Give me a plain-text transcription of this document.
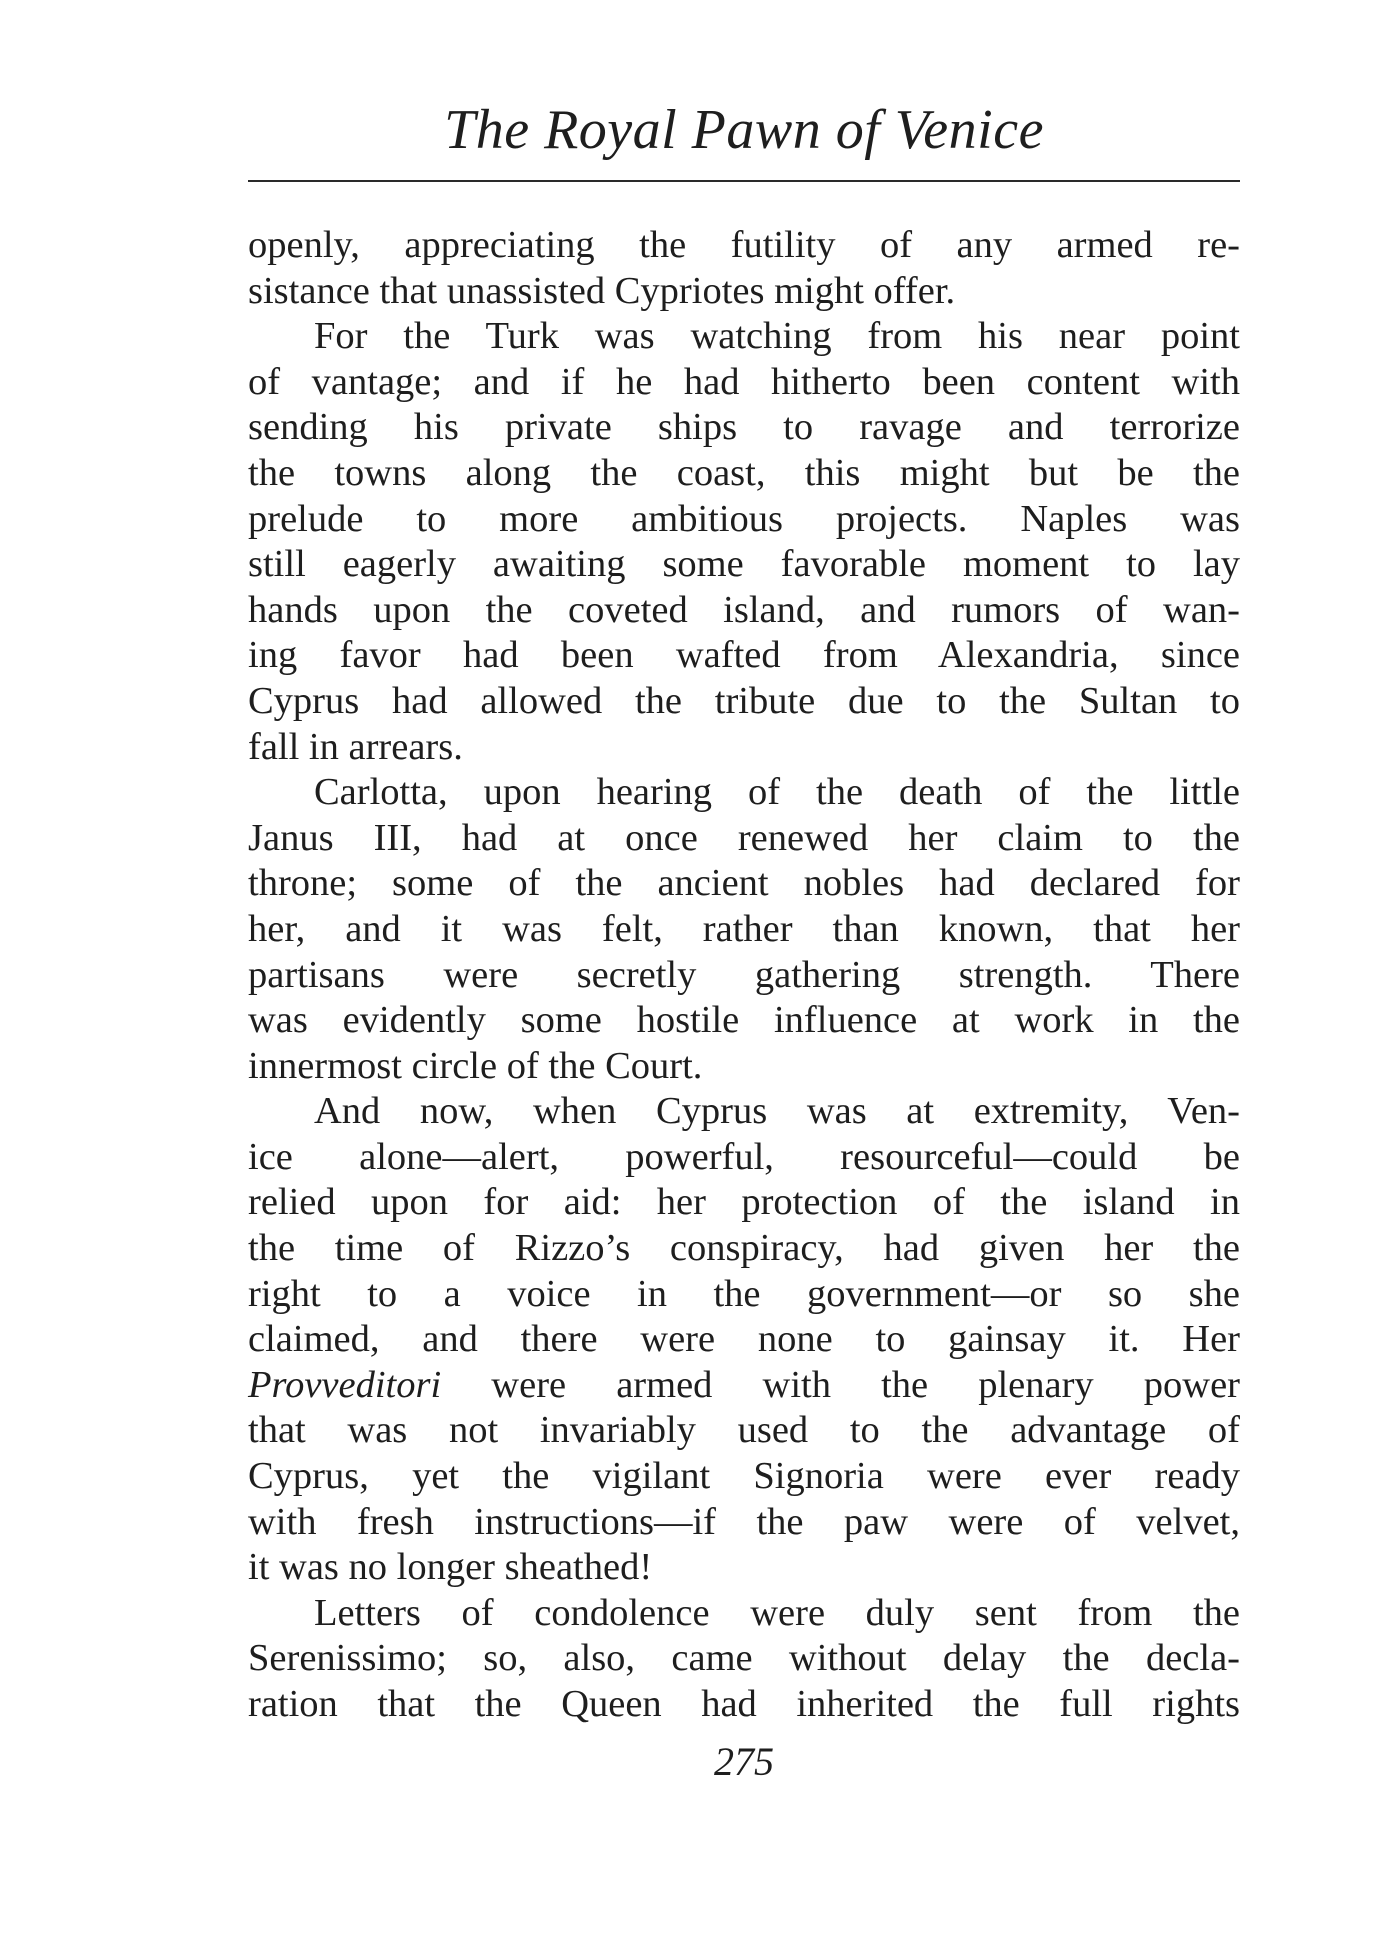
The Royal Pawn of Venice
openly, appreciating the futility of any armed re-
sistance that unassisted Cypriotes might offer.
For the Turk was watching from his near point
of vantage; and if he had hitherto been content with
sending his private ships to ravage and terrorize
the towns along the coast, this might but be the
prelude to more ambitious projects. Naples was
still eagerly awaiting some favorable moment to lay
hands upon the coveted island, and rumors of wan-
ing favor had been wafted from Alexandria, since
Cyprus had allowed the tribute due to the Sultan to
fall in arrears.
Carlotta, upon hearing of the death of the little
Janus III, had at once renewed her claim to the
throne; some of the ancient nobles had declared for
her, and it was felt, rather than known, that her
partisans were secretly gathering strength. There
was evidently some hostile influence at work in the
innermost circle of the Court.
And now, when Cyprus was at extremity, Ven-
ice alone—alert, powerful, resourceful—could be
relied upon for aid: her protection of the island in
the time of Rizzo’s conspiracy, had given her the
right to a voice in the government—or so she
claimed, and there were none to gainsay it. Her
Provveditori were armed with the plenary power
that was not invariably used to the advantage of
Cyprus, yet the vigilant Signoria were ever ready
with fresh instructions—if the paw were of velvet,
it was no longer sheathed!
Letters of condolence were duly sent from the
Serenissimo; so, also, came without delay the decla-
ration that the Queen had inherited the full rights
275
